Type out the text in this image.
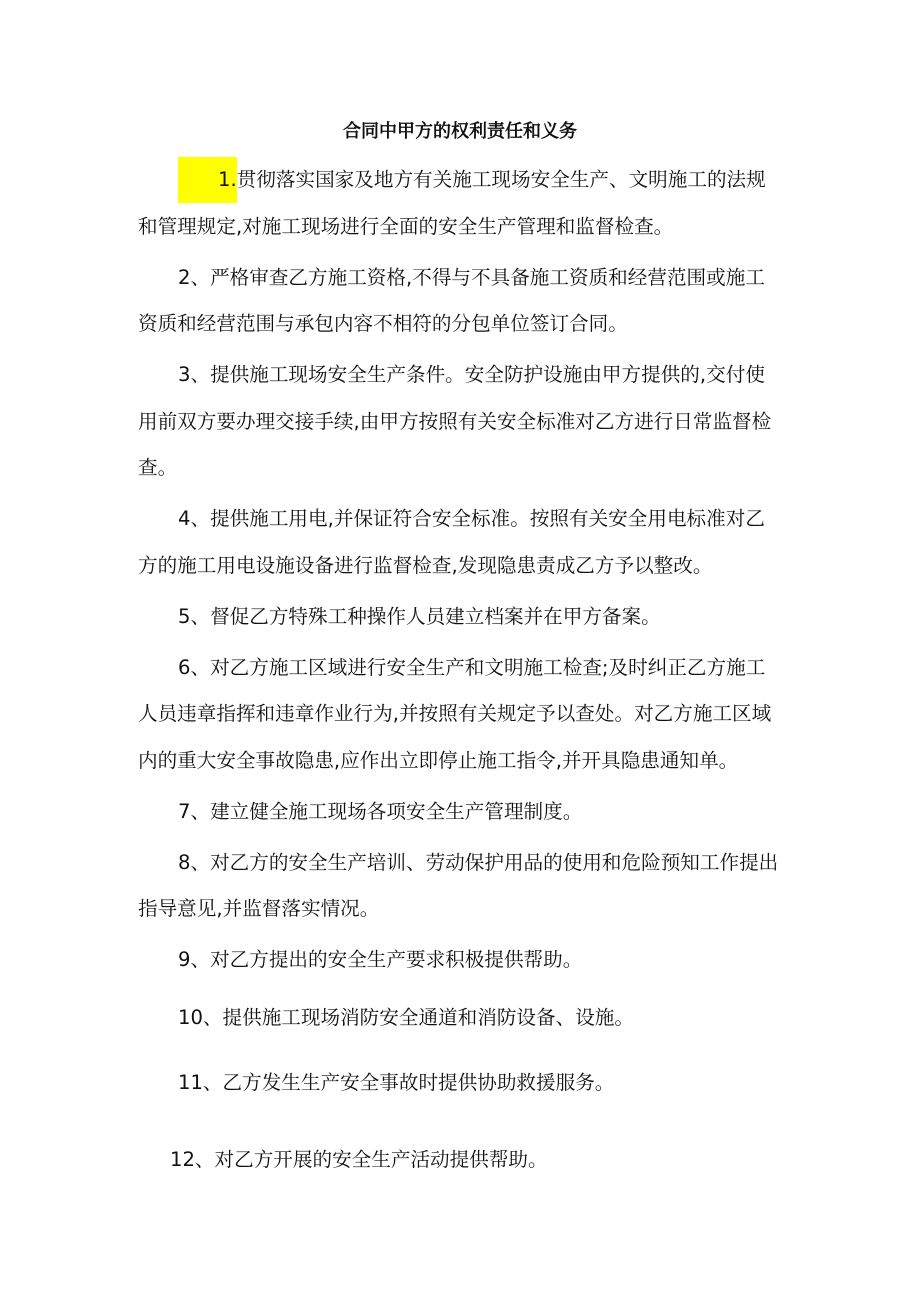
合同中甲方的权利责任和义务

1.贯彻落实国家及地方有关施工现场安全生产、文明施工的法规和管理规定,对施工现场进行全面的安全生产管理和监督检查。

2、严格审查乙方施工资格,不得与不具备施工资质和经营范围或施工资质和经营范围与承包内容不相符的分包单位签订合同。

3、提供施工现场安全生产条件。安全防护设施由甲方提供的,交付使用前双方要办理交接手续,由甲方按照有关安全标准对乙方进行日常监督检查。

4、提供施工用电,并保证符合安全标准。按照有关安全用电标准对乙方的施工用电设施设备进行监督检查,发现隐患责成乙方予以整改。

5、督促乙方特殊工种操作人员建立档案并在甲方备案。

6、对乙方施工区域进行安全生产和文明施工检查;及时纠正乙方施工人员违章指挥和违章作业行为,并按照有关规定予以查处。对乙方施工区域内的重大安全事故隐患,应作出立即停止施工指令,并开具隐患通知单。

7、建立健全施工现场各项安全生产管理制度。

8、对乙方的安全生产培训、劳动保护用品的使用和危险预知工作提出指导意见,并监督落实情况。

9、对乙方提出的安全生产要求积极提供帮助。

10、提供施工现场消防安全通道和消防设备、设施。

11、乙方发生生产安全事故时提供协助救援服务。

12、对乙方开展的安全生产活动提供帮助。
